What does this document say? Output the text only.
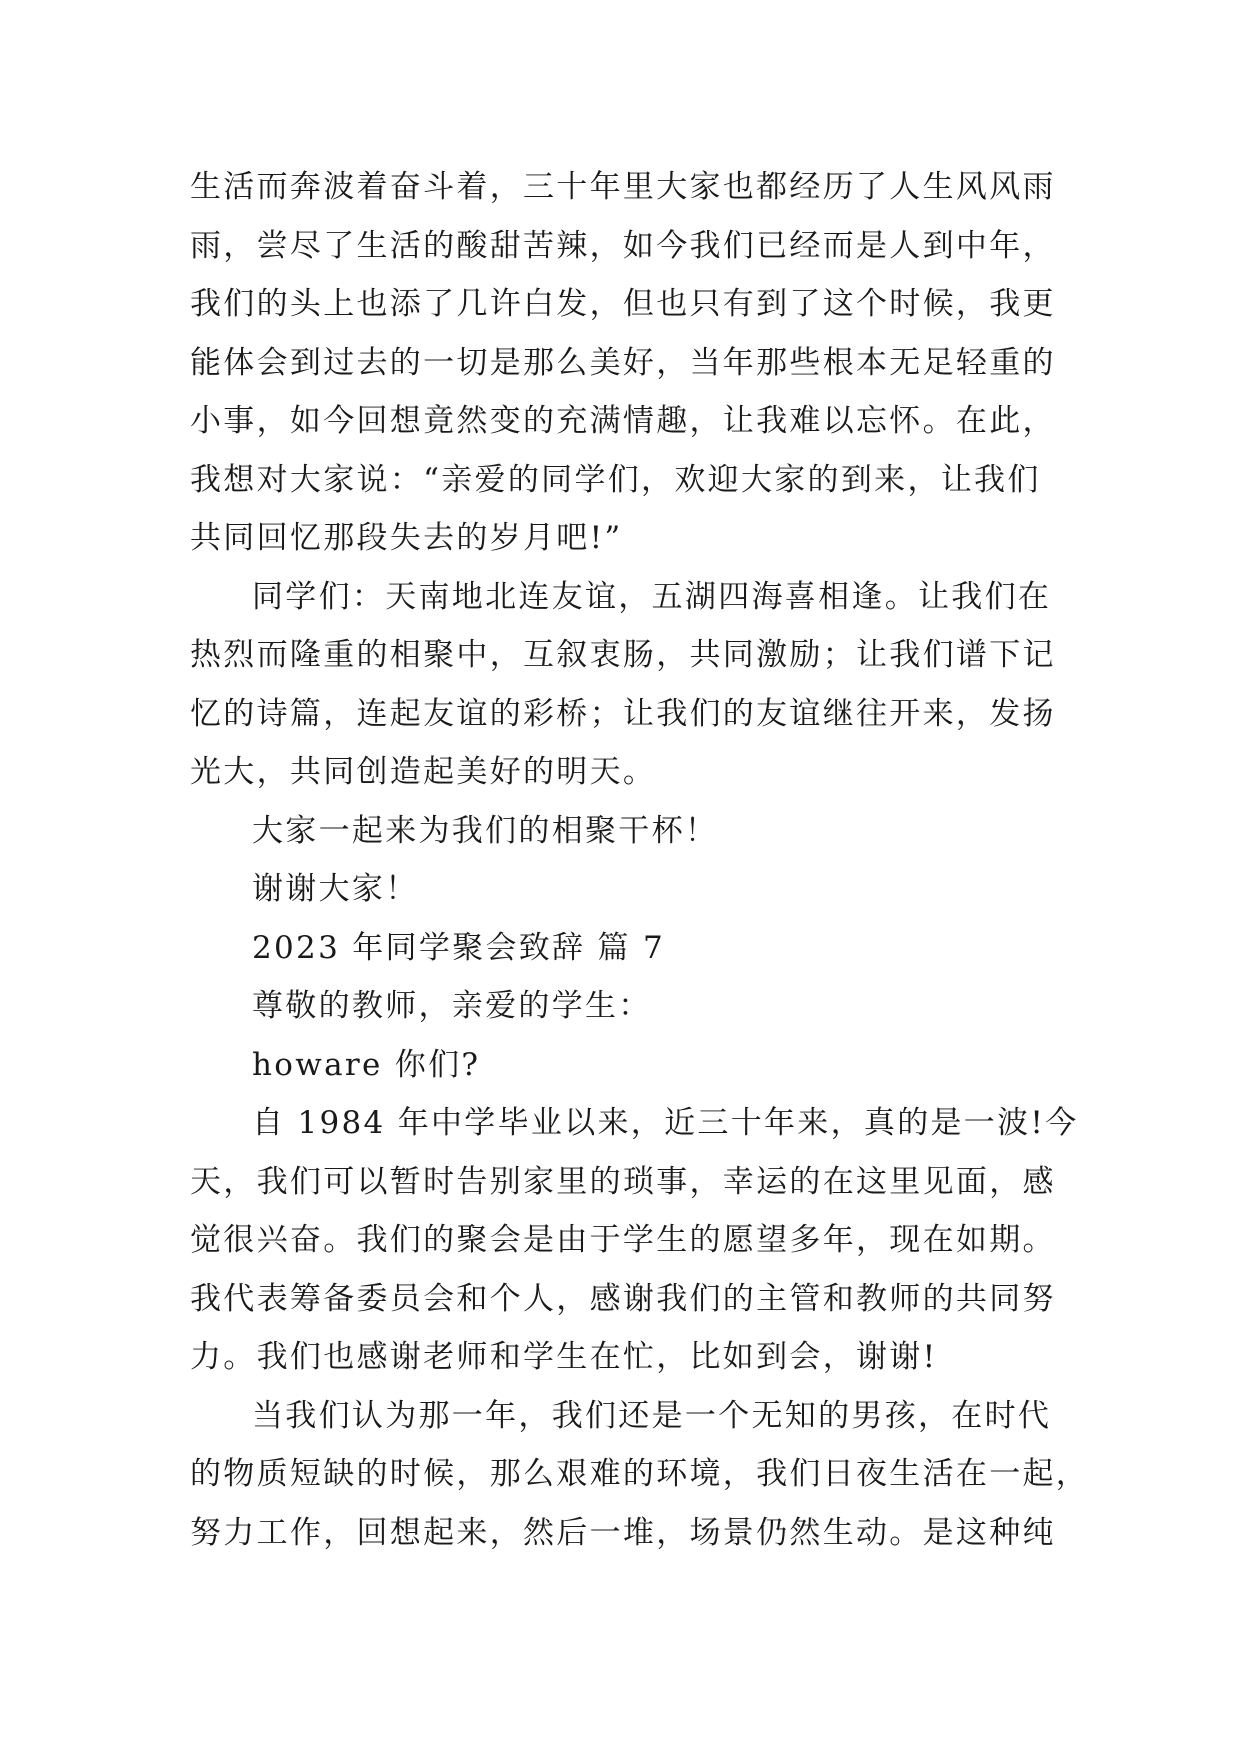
生活而奔波着奋斗着，三十年里大家也都经历了人生风风雨
雨，尝尽了生活的酸甜苦辣，如今我们已经而是人到中年，
我们的头上也添了几许白发，但也只有到了这个时候，我更
能体会到过去的一切是那么美好，当年那些根本无足轻重的
小事，如今回想竟然变的充满情趣，让我难以忘怀。在此，
我想对大家说：“亲爱的同学们，欢迎大家的到来，让我们
共同回忆那段失去的岁月吧!”
同学们：天南地北连友谊，五湖四海喜相逢。让我们在
热烈而隆重的相聚中，互叙衷肠，共同激励；让我们谱下记
忆的诗篇，连起友谊的彩桥；让我们的友谊继往开来，发扬
光大，共同创造起美好的明天。
大家一起来为我们的相聚干杯！
谢谢大家！
2023 年同学聚会致辞 篇 7
尊敬的教师，亲爱的学生：
howare 你们?
自 1984 年中学毕业以来，近三十年来，真的是一波!今
天，我们可以暂时告别家里的琐事，幸运的在这里见面，感
觉很兴奋。我们的聚会是由于学生的愿望多年，现在如期。
我代表筹备委员会和个人，感谢我们的主管和教师的共同努
力。我们也感谢老师和学生在忙，比如到会，谢谢!
当我们认为那一年，我们还是一个无知的男孩，在时代
的物质短缺的时候，那么艰难的环境，我们日夜生活在一起，
努力工作，回想起来，然后一堆，场景仍然生动。是这种纯
